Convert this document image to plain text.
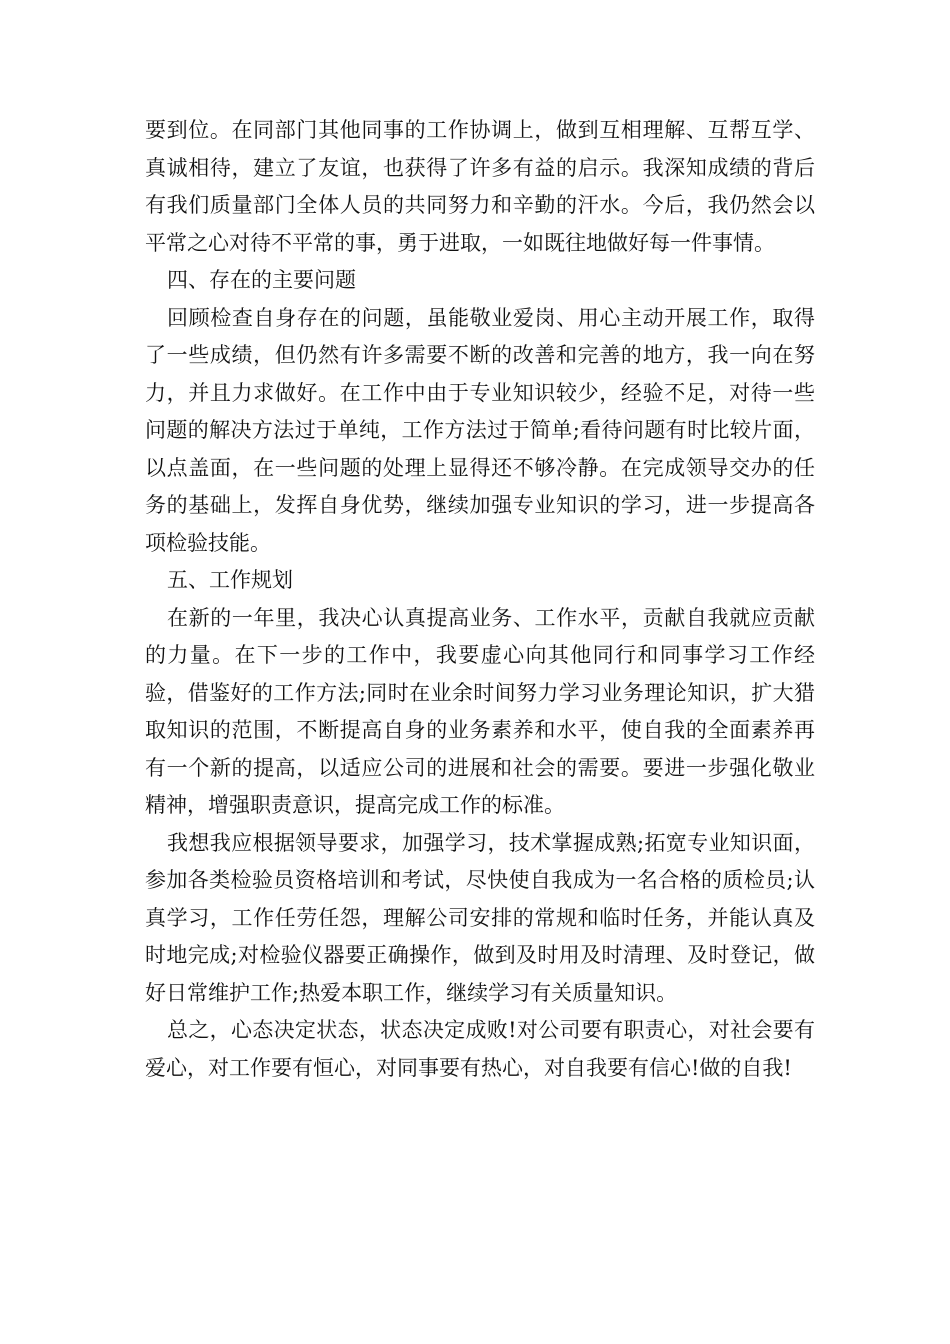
要到位。在同部门其他同事的工作协调上，做到互相理解、互帮互学、真诚相待，建立了友谊，也获得了许多有益的启示。我深知成绩的背后有我们质量部门全体人员的共同努力和辛勤的汗水。今后，我仍然会以平常之心对待不平常的事，勇于进取，一如既往地做好每一件事情。

四、存在的主要问题

回顾检查自身存在的问题，虽能敬业爱岗、用心主动开展工作，取得了一些成绩，但仍然有许多需要不断的改善和完善的地方，我一向在努力，并且力求做好。在工作中由于专业知识较少，经验不足，对待一些问题的解决方法过于单纯，工作方法过于简单;看待问题有时比较片面，以点盖面，在一些问题的处理上显得还不够冷静。在完成领导交办的任务的基础上，发挥自身优势，继续加强专业知识的学习，进一步提高各项检验技能。

五、工作规划

在新的一年里，我决心认真提高业务、工作水平，贡献自我就应贡献的力量。在下一步的工作中，我要虚心向其他同行和同事学习工作经验，借鉴好的工作方法;同时在业余时间努力学习业务理论知识，扩大猎取知识的范围，不断提高自身的业务素养和水平，使自我的全面素养再有一个新的提高，以适应公司的进展和社会的需要。要进一步强化敬业精神，增强职责意识，提高完成工作的标准。

我想我应根据领导要求，加强学习，技术掌握成熟;拓宽专业知识面，参加各类检验员资格培训和考试，尽快使自我成为一名合格的质检员;认真学习，工作任劳任怨，理解公司安排的常规和临时任务，并能认真及时地完成;对检验仪器要正确操作，做到及时用及时清理、及时登记，做好日常维护工作;热爱本职工作，继续学习有关质量知识。

总之，心态决定状态，状态决定成败!对公司要有职责心，对社会要有爱心，对工作要有恒心，对同事要有热心，对自我要有信心!做的自我!
